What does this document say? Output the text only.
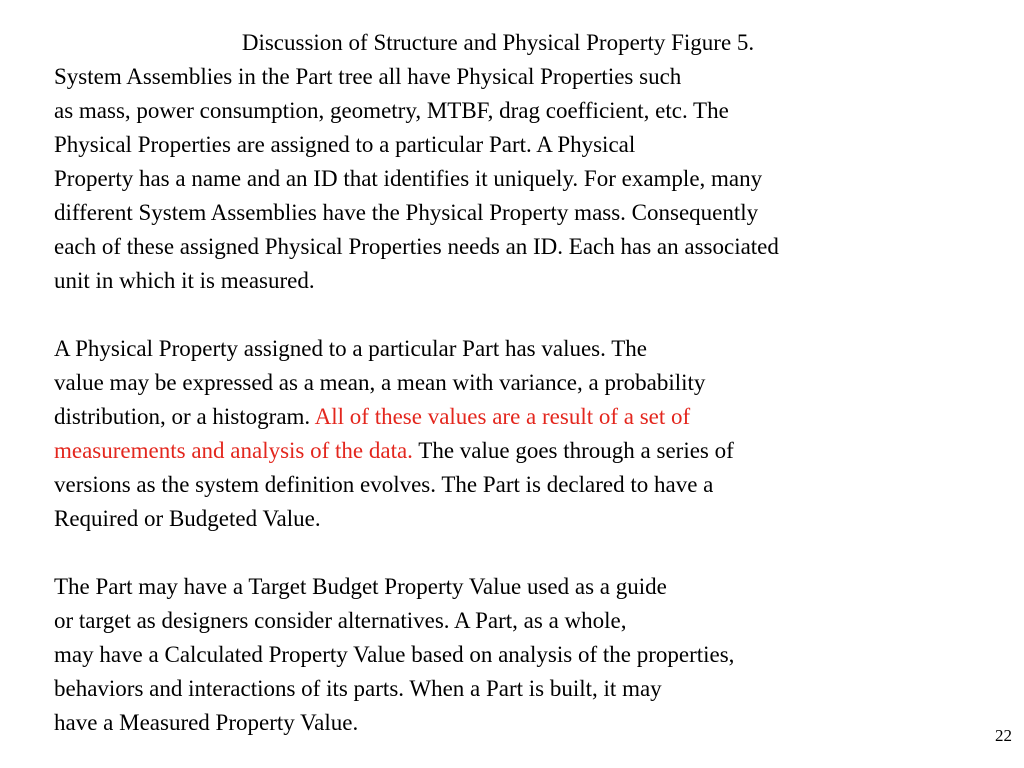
Discussion of Structure and Physical Property Figure 5.
System Assemblies in the Part tree all have Physical Properties such
as mass, power consumption, geometry, MTBF, drag coefficient, etc. The
Physical Properties are assigned to a particular Part. A Physical
Property has a name and an ID that identifies it uniquely. For example, many
different System Assemblies have the Physical Property mass. Consequently
each of these assigned Physical Properties needs an ID. Each has an associated
unit in which it is measured.
A Physical Property assigned to a particular Part has values. The
value may be expressed as a mean, a mean with variance, a probability
distribution, or a histogram. All of these values are a result of a set of
measurements and analysis of the data. The value goes through a series of
versions as the system definition evolves. The Part is declared to have a
Required or Budgeted Value.
The Part may have a Target Budget Property Value used as a guide
or target as designers consider alternatives. A Part, as a whole,
may have a Calculated Property Value based on analysis of the properties,
behaviors and interactions of its parts. When a Part is built, it may
have a Measured Property Value.
22
